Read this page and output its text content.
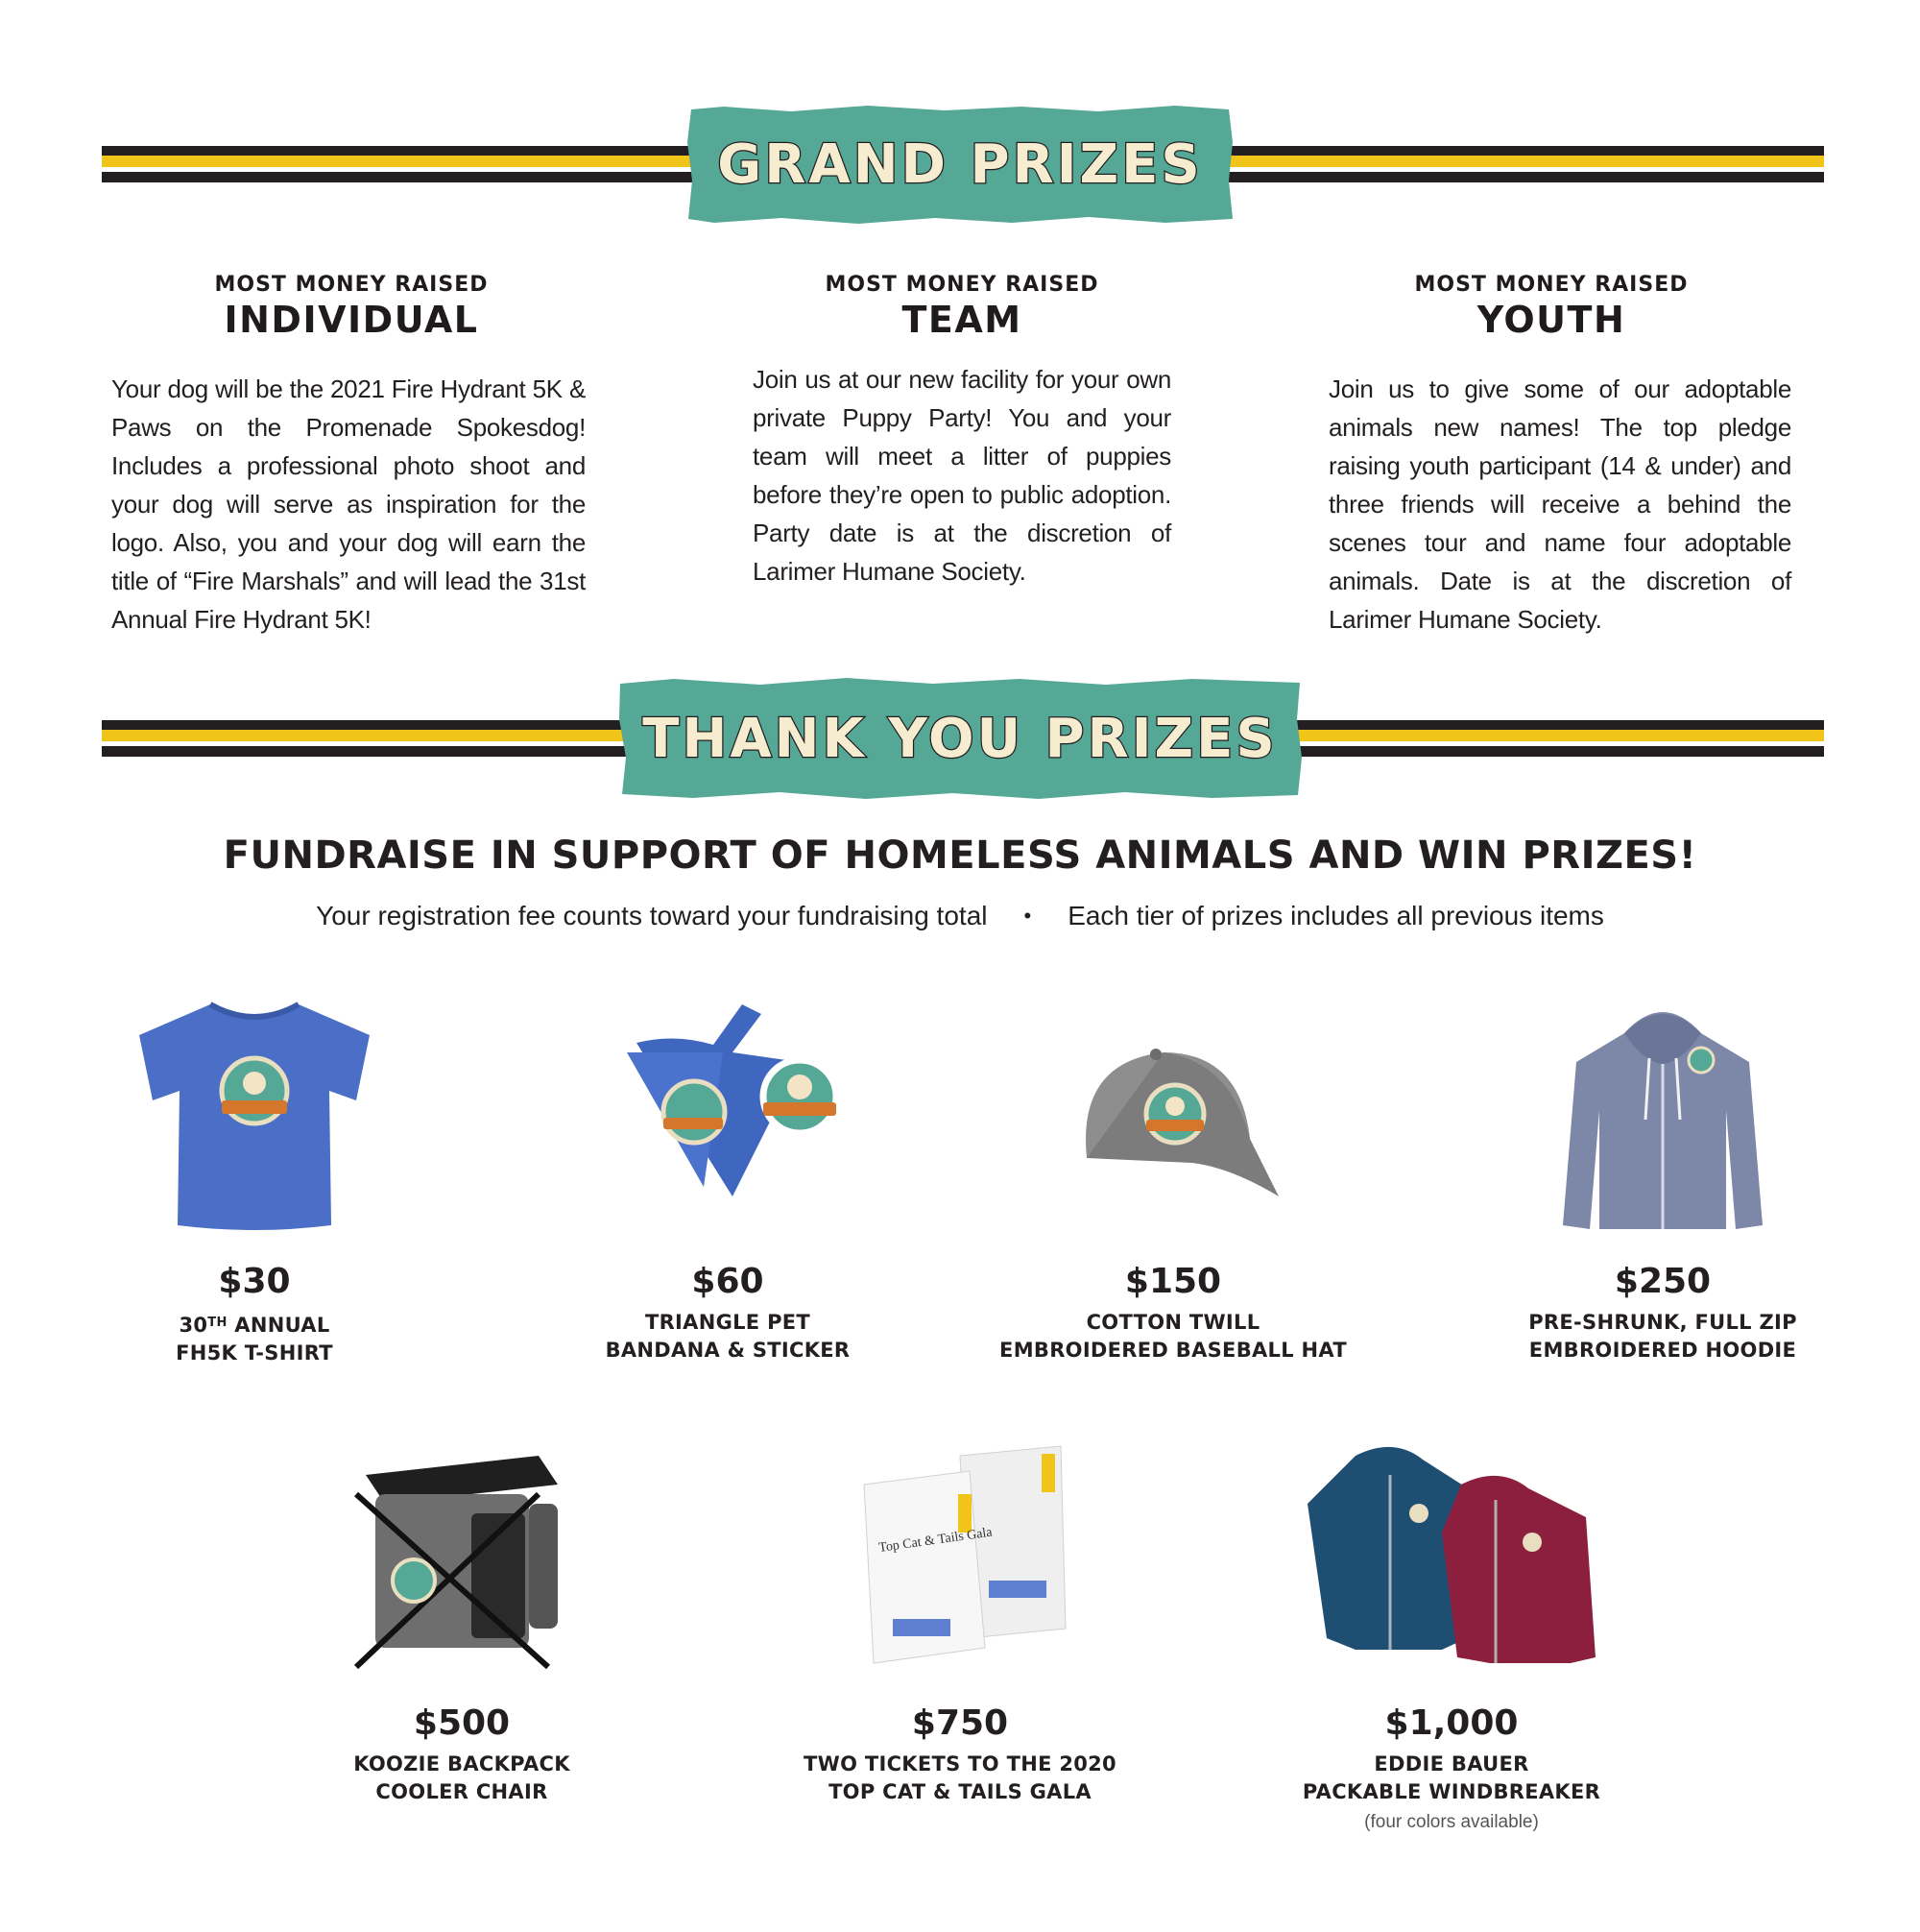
GRAND PRIZES
MOST MONEY RAISED
INDIVIDUAL
Your dog will be the 2021 Fire Hydrant 5K & Paws on the Promenade Spokesdog! Includes a professional photo shoot and your dog will serve as inspiration for the logo. Also, you and your dog will earn the title of “Fire Marshals” and will lead the 31st Annual Fire Hydrant 5K!
MOST MONEY RAISED
TEAM
Join us at our new facility for your own private Puppy Party! You and your team will meet a litter of puppies before they’re open to public adoption. Party date is at the discretion of Larimer Humane Society.
MOST MONEY RAISED
YOUTH
Join us to give some of our adoptable animals new names! The top pledge raising youth participant (14 & under) and three friends will receive a behind the scenes tour and name four adoptable animals. Date is at the discretion of Larimer Humane Society.
THANK YOU PRIZES
FUNDRAISE IN SUPPORT OF HOMELESS ANIMALS AND WIN PRIZES!
Your registration fee counts toward your fundraising total • Each tier of prizes includes all previous items
$30
30TH ANNUAL
FH5K T-SHIRT
$60
TRIANGLE PET
BANDANA & STICKER
$150
COTTON TWILL
EMBROIDERED BASEBALL HAT
$250
PRE-SHRUNK, FULL ZIP
EMBROIDERED HOODIE
$500
KOOZIE BACKPACK
COOLER CHAIR
Top Cat & Tails Gala
$750
TWO TICKETS TO THE 2020
TOP CAT & TAILS GALA
$1,000
EDDIE BAUER
PACKABLE WINDBREAKER
(four colors available)
